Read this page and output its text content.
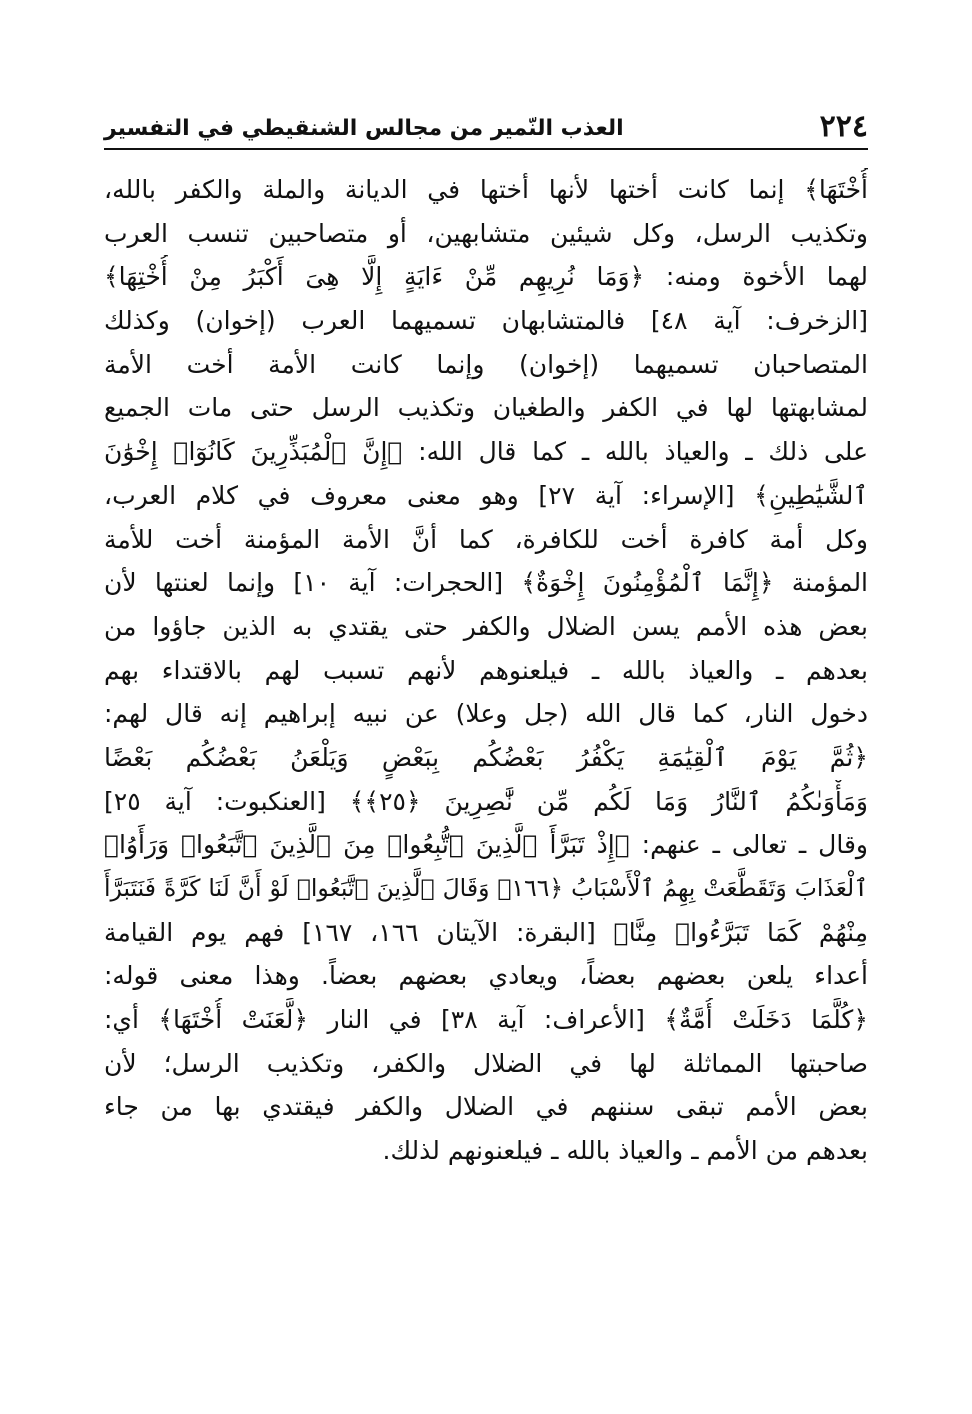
٢٢٤
العذب النّمير من مجالس الشنقيطي في التفسير
أُخْتَهَا﴾ إنما كانت أختها لأنها أختها في الديانة والملة والكفر بالله،
وتكذيب الرسل، وكل شيئين متشابهين، أو متصاحبين تنسب العرب
لهما الأخوة ومنه: ﴿وَمَا نُرِيهِم مِّنْ ءَايَةٍ إِلَّا هِىَ أَكْبَرُ مِنْ أُخْتِهَا﴾
[الزخرف: آية ٤٨] فالمتشابهان تسميهما العرب (إخوان) وكذلك
المتصاحبان تسميهما (إخوان) وإنما كانت الأمة أخت الأمة
لمشابهتها لها في الكفر والطغيان وتكذيب الرسل حتى مات الجميع
على ذلك ـ والعياذ بالله ـ كما قال الله: ﴿إِنَّ ٱلْمُبَذِّرِينَ كَانُوٓا۟ إِخْوَٰنَ
ٱلشَّيَٰطِينِ﴾ [الإسراء: آية ٢٧] وهو معنى معروف في كلام العرب،
وكل أمة كافرة أخت للكافرة، كما أنَّ الأمة المؤمنة أخت للأمة
المؤمنة ﴿إِنَّمَا ٱلْمُؤْمِنُونَ إِخْوَةٌ﴾ [الحجرات: آية ١٠] وإنما لعنتها لأن
بعض هذه الأمم يسن الضلال والكفر حتى يقتدي به الذين جاؤوا من
بعدهم ـ والعياذ بالله ـ فيلعنوهم لأنهم تسبب لهم بالاقتداء بهم
دخول النار، كما قال الله (جل وعلا) عن نبيه إبراهيم إنه قال لهم:
﴿ثُمَّ يَوْمَ ٱلْقِيَٰمَةِ يَكْفُرُ بَعْضُكُم بِبَعْضٍ وَيَلْعَنُ بَعْضُكُم بَعْضًا
وَمَأْوَىٰكُمُ ٱلنَّارُ وَمَا لَكُم مِّن نَّٰصِرِينَ ﴿٢٥﴾﴾ [العنكبوت: آية ٢٥]
وقال ـ تعالى ـ عنهم: ﴿إِذْ تَبَرَّأَ ٱلَّذِينَ ٱتُّبِعُوا۟ مِنَ ٱلَّذِينَ ٱتَّبَعُوا۟ وَرَأَوُا۟
ٱلْعَذَابَ وَتَقَطَّعَتْ بِهِمُ ٱلْأَسْبَابُ ﴿١٦٦﴾ وَقَالَ ٱلَّذِينَ ٱتَّبَعُوا۟ لَوْ أَنَّ لَنَا كَرَّةً فَنَتَبَرَّأَ
مِنْهُمْ كَمَا تَبَرَّءُوا۟ مِنَّا﴾ [البقرة: الآيتان ١٦٦، ١٦٧] فهم يوم القيامة
أعداء يلعن بعضهم بعضاً، ويعادي بعضهم بعضاً. وهذا معنى قوله:
﴿كُلَّمَا دَخَلَتْ أُمَّةٌ﴾ [الأعراف: آية ٣٨] في النار ﴿لَّعَنَتْ أُخْتَهَا﴾ أي:
صاحبتها المماثلة لها في الضلال والكفر، وتكذيب الرسل؛ لأن
بعض الأمم تبقى سننهم في الضلال والكفر فيقتدي بها من جاء
بعدهم من الأمم ـ والعياذ بالله ـ فيلعنونهم لذلك.
